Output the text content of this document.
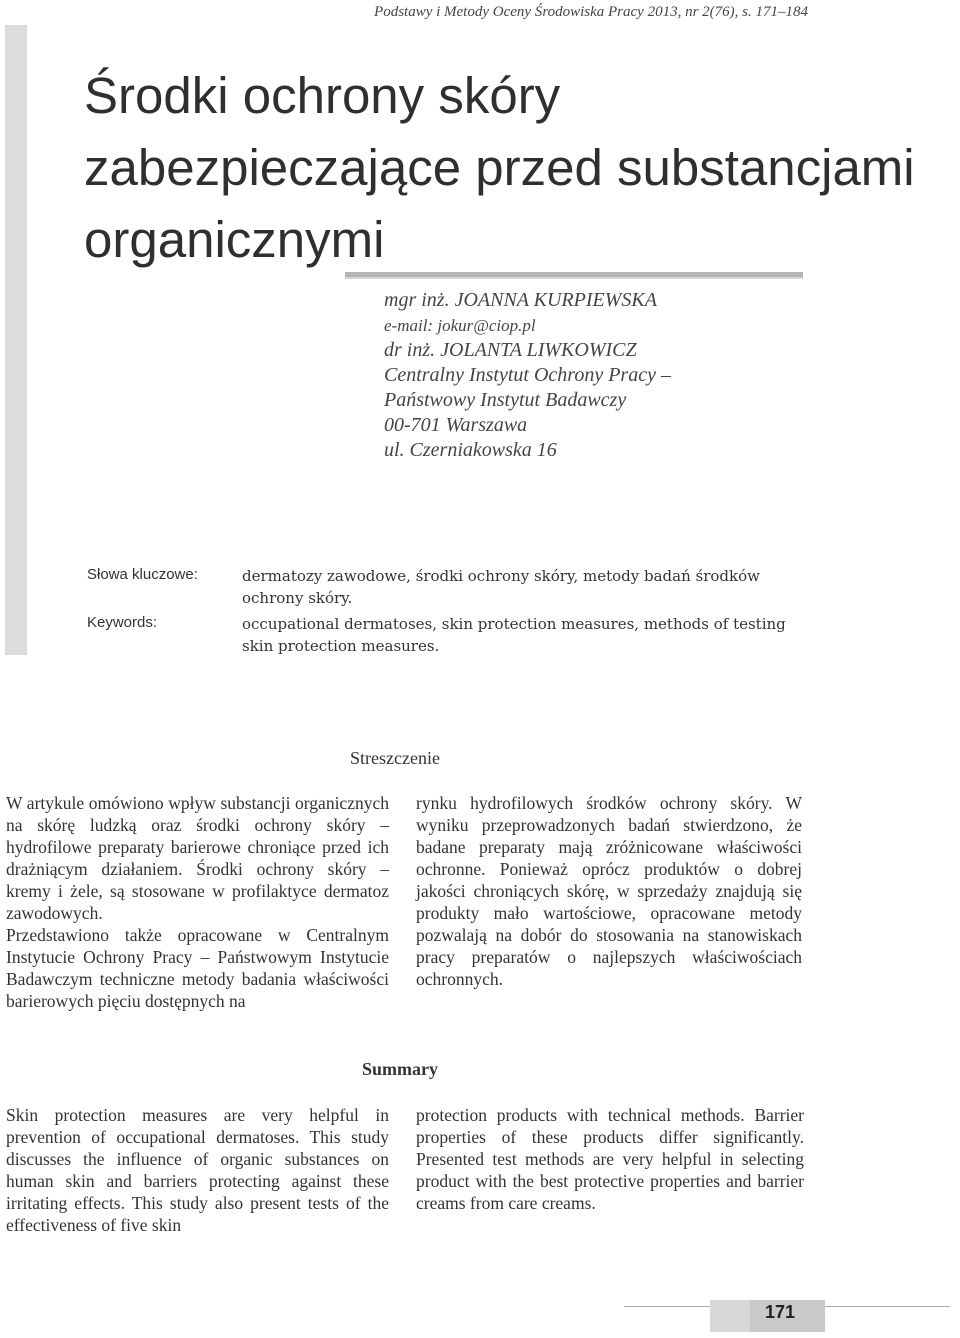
Podstawy i Metody Oceny Środowiska Pracy 2013, nr 2(76), s. 171–184
Środki ochrony skóry zabezpieczające przed substancjami organicznymi
mgr inż. JOANNA KURPIEWSKA
e-mail: jokur@ciop.pl
dr inż. JOLANTA LIWKOWICZ
Centralny Instytut Ochrony Pracy –
Państwowy Instytut Badawczy
00-701 Warszawa
ul. Czerniakowska 16
Słowa kluczowe:	dermatozy zawodowe, środki ochrony skóry, metody badań środków ochrony skóry.
Keywords:	occupational dermatoses, skin protection measures, methods of testing skin protection measures.
Streszczenie

W artykule omówiono wpływ substancji organicznych na skórę ludzką oraz środki ochrony skóry – hydrofilowe preparaty barierowe chroniące przed ich drażniącym działaniem. Środki ochrony skóry – kremy i żele, są stosowane w profilaktyce dermatoz zawodowych.

Przedstawiono także opracowane w Centralnym Instytucie Ochrony Pracy – Państwowym Instytucie Badawczym techniczne metody badania właściwości barierowych pięciu dostępnych na

rynku hydrofilowych środków ochrony skóry. W wyniku przeprowadzonych badań stwierdzono, że badane preparaty mają zróżnicowane właściwości ochronne. Ponieważ oprócz produktów o dobrej jakości chroniących skórę, w sprzedaży znajdują się produkty mało wartościowe, opracowane metody pozwalają na dobór do stosowania na stanowiskach pracy preparatów o najlepszych właściwościach ochronnych.

Summary

Skin protection measures are very helpful in prevention of occupational dermatoses. This study discusses the influence of organic substances on human skin and barriers protecting against these irritating effects. This study also present tests of the effectiveness of five skin

protection products with technical methods. Barrier properties of these products differ significantly. Presented test methods are very helpful in selecting product with the best protective properties and barrier creams from care creams.

171
